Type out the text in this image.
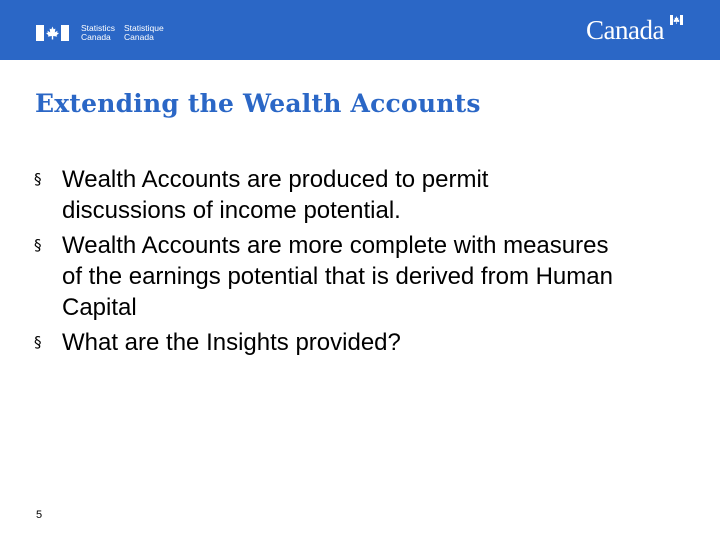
Statistics
Canada
Statistique
Canada	Canada
Extending the Wealth Accounts
§ Wealth Accounts are produced to permit discussions of income potential.
§ Wealth Accounts are more complete with measures of the earnings potential that is derived from Human Capital
§ What are the Insights provided?
5
